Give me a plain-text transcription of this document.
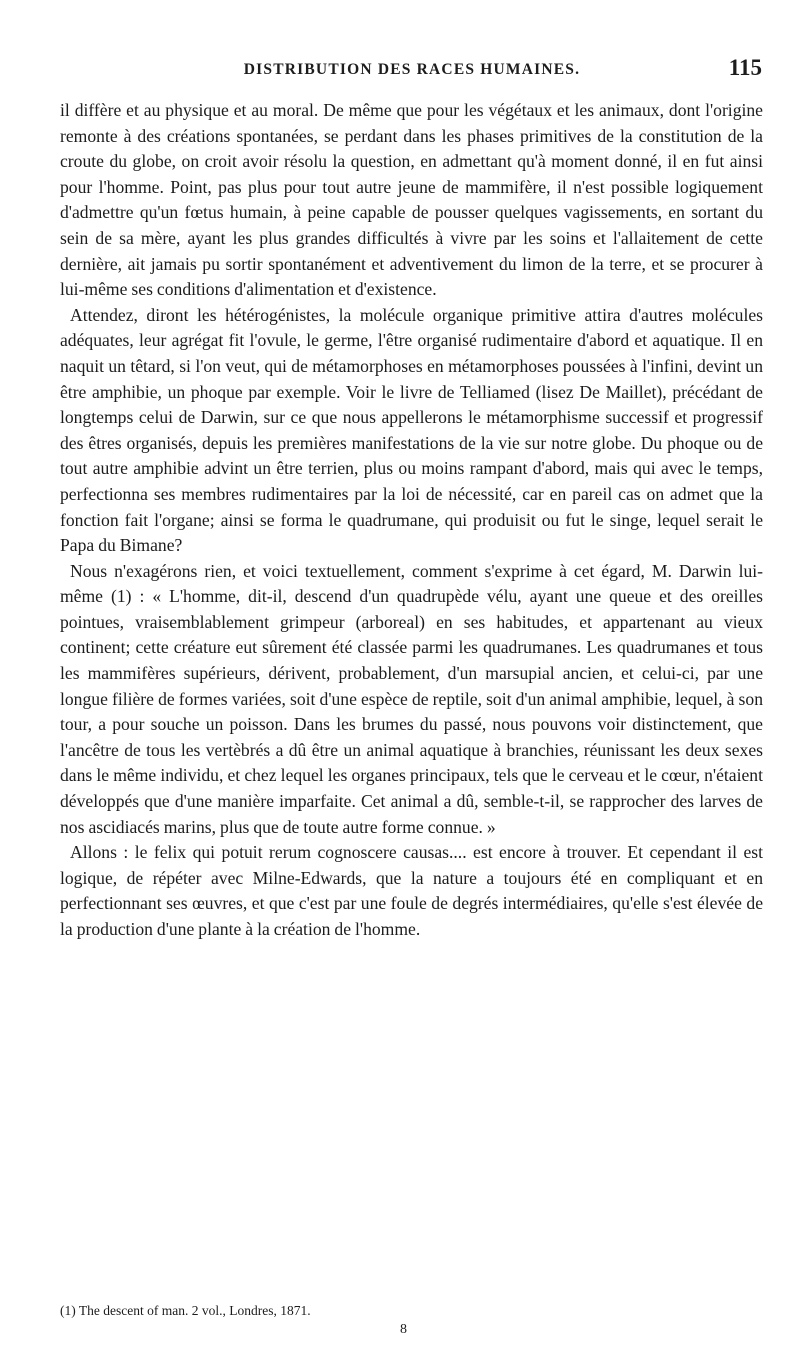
DISTRIBUTION DES RACES HUMAINES.	115

il diffère et au physique et au moral. De même que pour les végétaux et les animaux, dont l'origine remonte à des créations spontanées, se perdant dans les phases primitives de la constitution de la croute du globe, on croit avoir résolu la question, en admettant qu'à moment donné, il en fut ainsi pour l'homme. Point, pas plus pour tout autre jeune de mammifère, il n'est possible logiquement d'admettre qu'un fœtus humain, à peine capable de pousser quelques vagissements, en sortant du sein de sa mère, ayant les plus grandes difficultés à vivre par les soins et l'allaitement de cette dernière, ait jamais pu sortir spontanément et adventivement du limon de la terre, et se procurer à lui-même ses conditions d'alimentation et d'existence.

Attendez, diront les hétérogénistes, la molécule organique primitive attira d'autres molécules adéquates, leur agrégat fit l'ovule, le germe, l'être organisé rudimentaire d'abord et aquatique. Il en naquit un têtard, si l'on veut, qui de métamorphoses en métamorphoses poussées à l'infini, devint un être amphibie, un phoque par exemple. Voir le livre de Telliamed (lisez De Maillet), précédant de longtemps celui de Darwin, sur ce que nous appellerons le métamorphisme successif et progressif des êtres organisés, depuis les premières manifestations de la vie sur notre globe. Du phoque ou de tout autre amphibie advint un être terrien, plus ou moins rampant d'abord, mais qui avec le temps, perfectionna ses membres rudimentaires par la loi de nécessité, car en pareil cas on admet que la fonction fait l'organe; ainsi se forma le quadrumane, qui produisit ou fut le singe, lequel serait le Papa du Bimane?

Nous n'exagérons rien, et voici textuellement, comment s'exprime à cet égard, M. Darwin lui-même (1) : « L'homme, dit-il, descend d'un quadrupède vélu, ayant une queue et des oreilles pointues, vraisemblablement grimpeur (arboreal) en ses habitudes, et appartenant au vieux continent; cette créature eut sûrement été classée parmi les quadrumanes. Les quadrumanes et tous les mammifères supérieurs, dérivent, probablement, d'un marsupial ancien, et celui-ci, par une longue filière de formes variées, soit d'une espèce de reptile, soit d'un animal amphibie, lequel, à son tour, a pour souche un poisson. Dans les brumes du passé, nous pouvons voir distinctement, que l'ancêtre de tous les vertèbrés a dû être un animal aquatique à branchies, réunissant les deux sexes dans le même individu, et chez lequel les organes principaux, tels que le cerveau et le cœur, n'étaient développés que d'une manière imparfaite. Cet animal a dû, semble-t-il, se rapprocher des larves de nos ascidiacés marins, plus que de toute autre forme connue. »

Allons : le felix qui potuit rerum cognoscere causas.... est encore à trouver. Et cependant il est logique, de répéter avec Milne-Edwards, que la nature a toujours été en compliquant et en perfectionnant ses œuvres, et que c'est par une foule de degrés intermédiaires, qu'elle s'est élevée de la production d'une plante à la création de l'homme.

(1) The descent of man. 2 vol., Londres, 1871.
8
